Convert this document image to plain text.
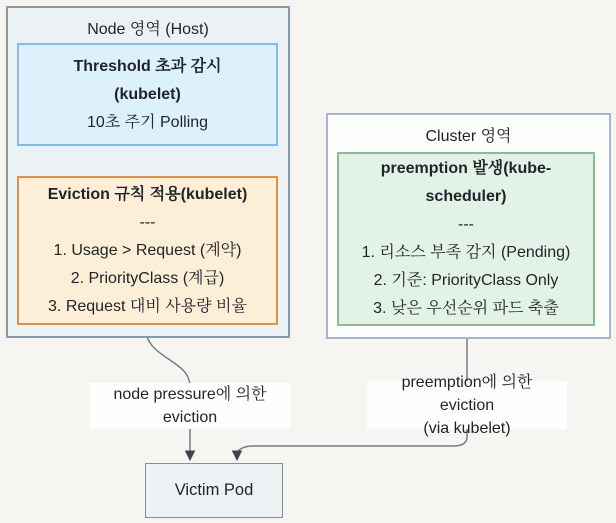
Node 영역 (Host)
Cluster 영역
Threshold 초과 감시
(kubelet)
10초 주기 Polling
Eviction 규칙 적용(kubelet)
---
1. Usage > Request (계약)
2. PriorityClass (계급)
3. Request 대비 사용량 비율
preemption 발생(kube-scheduler)
---
1. 리소스 부족 감지 (Pending)
2. 기준: PriorityClass Only
3. 낮은 우선순위 파드 축출
node pressure에 의한
eviction
preemption에 의한 eviction
(via kubelet)
Victim Pod
